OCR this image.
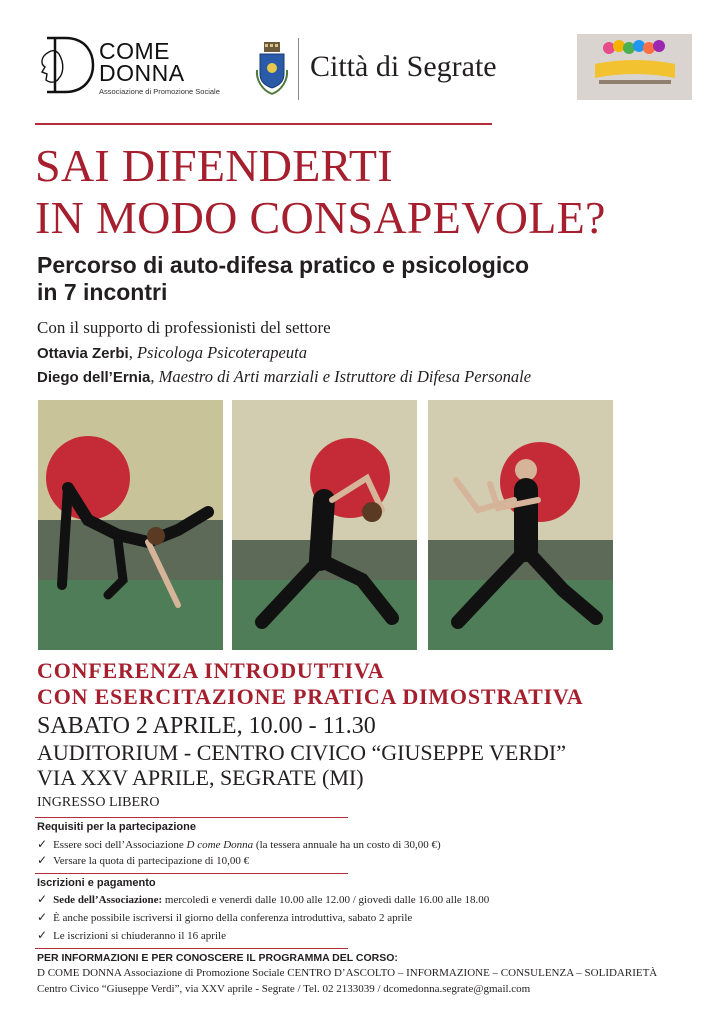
COME
DONNA
Associazione di Promozione Sociale
Città di Segrate
SAI DIFENDERTI
IN MODO CONSAPEVOLE?
Percorso di auto-difesa pratico e psicologico
in 7 incontri
Con il supporto di professionisti del settore
Ottavia Zerbi, Psicologa Psicoterapeuta
Diego dell’Ernia, Maestro di Arti marziali e Istruttore di Difesa Personale
CONFERENZA INTRODUTTIVA
CON ESERCITAZIONE PRATICA DIMOSTRATIVA
SABATO 2 APRILE, 10.00 - 11.30
AUDITORIUM - CENTRO CIVICO “GIUSEPPE VERDI”
VIA XXV APRILE, SEGRATE (MI)
INGRESSO LIBERO
Requisiti per la partecipazione
✓ Essere soci dell’Associazione D come Donna (la tessera annuale ha un costo di 30,00 €)
✓ Versare la quota di partecipazione di 10,00 €
Iscrizioni e pagamento
✓ Sede dell’Associazione: mercoledì e venerdì dalle 10.00 alle 12.00 / giovedì dalle 16.00 alle 18.00
✓ È anche possibile iscriversi il giorno della conferenza introduttiva, sabato 2 aprile
✓ Le iscrizioni si chiuderanno il 16 aprile
PER INFORMAZIONI E PER CONOSCERE IL PROGRAMMA DEL CORSO:
D COME DONNA Associazione di Promozione Sociale CENTRO D’ASCOLTO – INFORMAZIONE – CONSULENZA – SOLIDARIETÀ
Centro Civico “Giuseppe Verdi”, via XXV aprile - Segrate / Tel. 02 2133039 / dcomedonna.segrate@gmail.com
